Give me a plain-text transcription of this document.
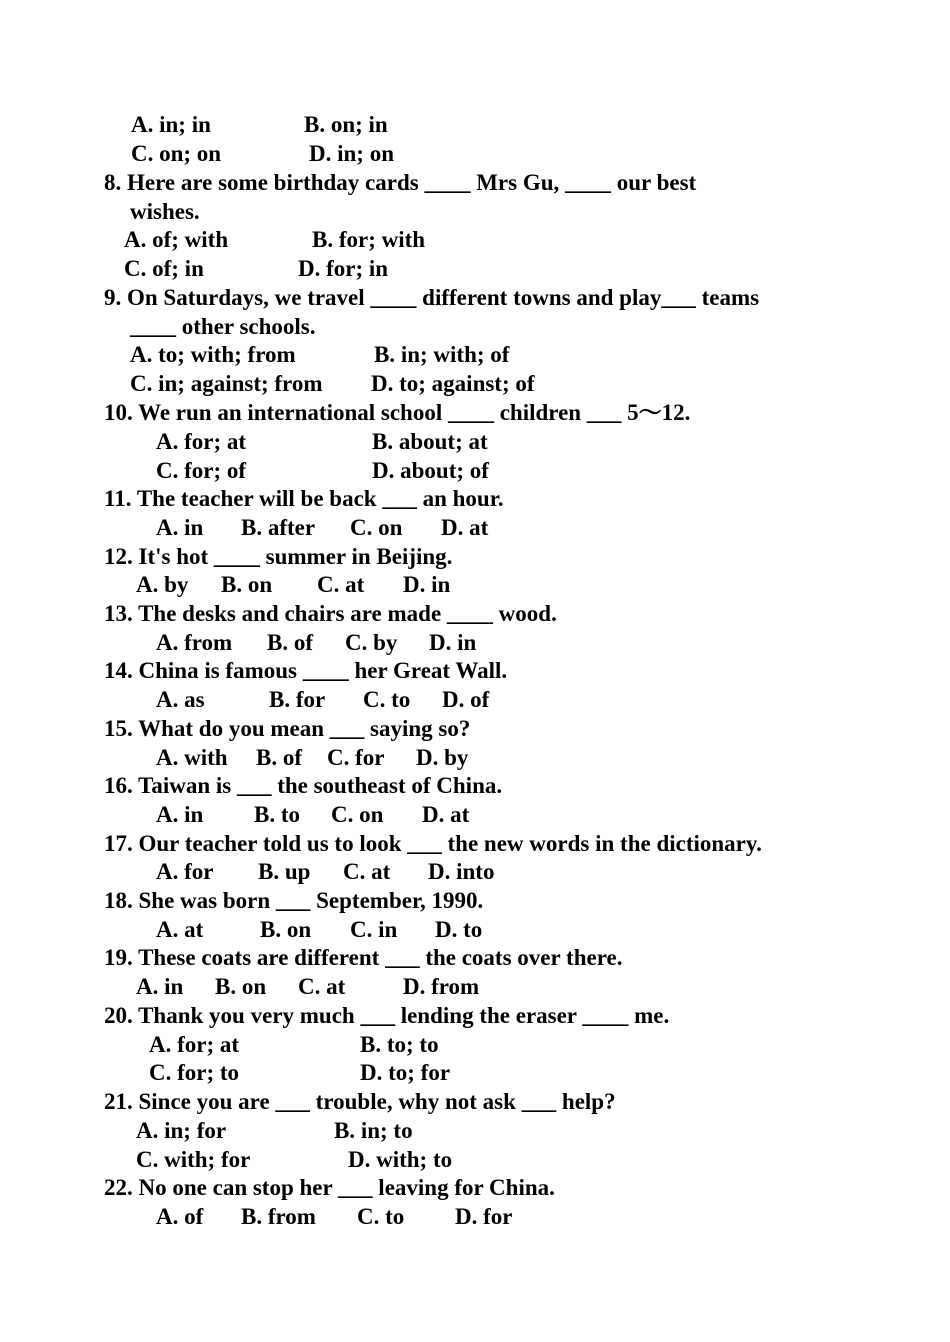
A. in; in	B. on; in
C. on; on	D. in; on
8. Here are some birthday cards ____ Mrs Gu, ____ our best
wishes.
A. of; with	B. for; with
C. of; in	D. for; in
9. On Saturdays, we travel ____ different towns and play___ teams
____ other schools.
A. to; with; from	B. in; with; of
C. in; against; from D. to; against; of
10. We run an international school ____ children ___ 5～12.
A. for; at	B. about; at
C. for; of	D. about; of
11. The teacher will be back ___ an hour.
A. in B. after C. on D. at
12. It's hot ____ summer in Beijing.
A. by B. on C. at D. in
13. The desks and chairs are made ____ wood.
A. from B. of C. by D. in
14. China is famous ____ her Great Wall.
A. as	B. for C. to D. of
15. What do you mean ___ saying so?
A. with B. of C. for D. by
16. Taiwan is ___ the southeast of China.
A. in B. to C. on D. at
17. Our teacher told us to look ___ the new words in the dictionary.
A. for B. up C. at D. into
18. She was born ___ September, 1990.
A. at B. on C. in D. to
19. These coats are different ___ the coats over there.
A. in B. on C. at	D. from
20. Thank you very much ___ lending the eraser ____ me.
A. for; at	B. to; to
C. for; to	D. to; for
21. Since you are ___ trouble, why not ask ___ help?
A. in; for	B. in; to
C. with; for	D. with; to
22. No one can stop her ___ leaving for China.
A. of B. from C. to D. for
